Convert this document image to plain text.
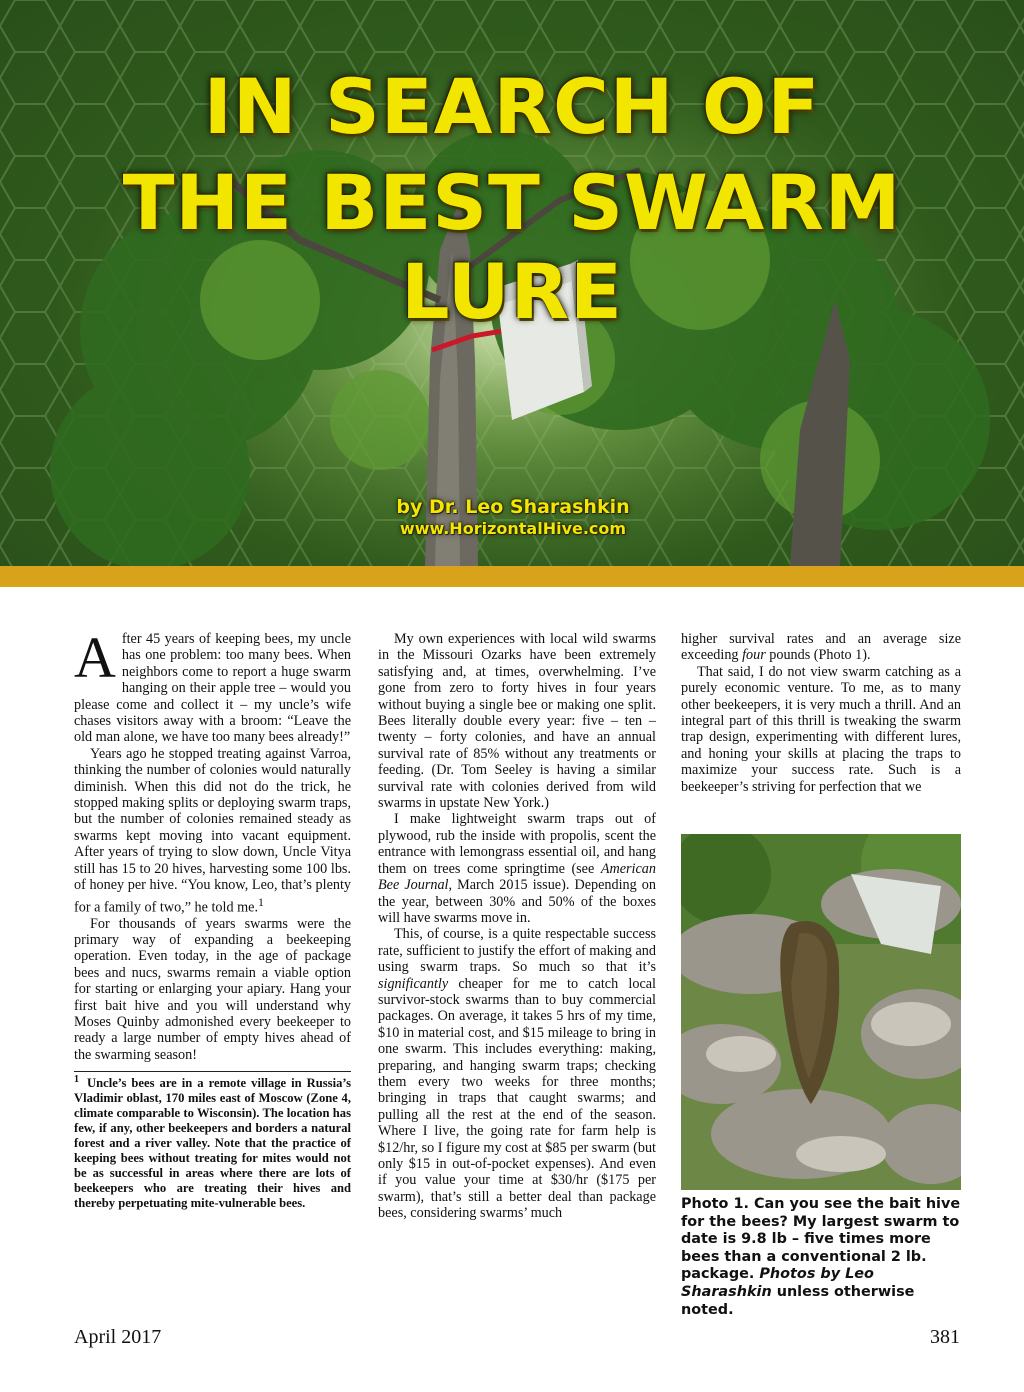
IN SEARCH OF
THE BEST SWARM LURE
by Dr. Leo Sharashkin
www.HorizontalHive.com

After 45 years of keeping bees, my uncle has one problem: too many bees. When neighbors come to report a huge swarm hanging on their apple tree – would you please come and collect it – my uncle’s wife chases visitors away with a broom: “Leave the old man alone, we have too many bees already!”

Years ago he stopped treating against Varroa, thinking the number of colonies would naturally diminish. When this did not do the trick, he stopped making splits or deploying swarm traps, but the number of colonies remained steady as swarms kept moving into vacant equipment. After years of trying to slow down, Uncle Vitya still has 15 to 20 hives, harvesting some 100 lbs. of honey per hive. “You know, Leo, that’s plenty for a family of two,” he told me.$^1$

For thousands of years swarms were the primary way of expanding a beekeeping operation. Even today, in the age of package bees and nucs, swarms remain a viable option for starting or enlarging your apiary. Hang your first bait hive and you will understand why Moses Quinby admonished every beekeeper to ready a large number of empty hives ahead of the swarming season!

$^1$ Uncle’s bees are in a remote village in Russia’s Vladimir oblast, 170 miles east of Moscow (Zone 4, climate comparable to Wisconsin). The location has few, if any, other beekeepers and borders a natural forest and a river valley. Note that the practice of keeping bees without treating for mites would not be as successful in areas where there are lots of beekeepers who are treating their hives and thereby perpetuating mite-vulnerable bees.

My own experiences with local wild swarms in the Missouri Ozarks have been extremely satisfying and, at times, overwhelming. I’ve gone from zero to forty hives in four years without buying a single bee or making one split. Bees literally double every year: five – ten – twenty – forty colonies, and have an annual survival rate of 85% without any treatments or feeding. (Dr. Tom Seeley is having a similar survival rate with colonies derived from wild swarms in upstate New York.)

I make lightweight swarm traps out of plywood, rub the inside with propolis, scent the entrance with lemongrass essential oil, and hang them on trees come springtime (see American Bee Journal, March 2015 issue). Depending on the year, between 30% and 50% of the boxes will have swarms move in.

This, of course, is a quite respectable success rate, sufficient to justify the effort of making and using swarm traps. So much so that it’s significantly cheaper for me to catch local survivor-stock swarms than to buy commercial packages. On average, it takes 5 hrs of my time, $10 in material cost, and $15 mileage to bring in one swarm. This includes everything: making, preparing, and hanging swarm traps; checking them every two weeks for three months; bringing in traps that caught swarms; and pulling all the rest at the end of the season. Where I live, the going rate for farm help is $12/hr, so I figure my cost at $85 per swarm (but only $15 in out-of-pocket expenses). And even if you value your time at $30/hr ($175 per swarm), that’s still a better deal than package bees, considering swarms’ much

higher survival rates and an average size exceeding four pounds (Photo 1).

That said, I do not view swarm catching as a purely economic venture. To me, as to many other beekeepers, it is very much a thrill. And an integral part of this thrill is tweaking the swarm trap design, experimenting with different lures, and honing your skills at placing the traps to maximize your success rate. Such is a beekeeper’s striving for perfection that we

Photo 1. Can you see the bait hive for the bees? My largest swarm to date is 9.8 lb – five times more bees than a conventional 2 lb. package. Photos by Leo Sharashkin unless otherwise noted.
April 2017	381
